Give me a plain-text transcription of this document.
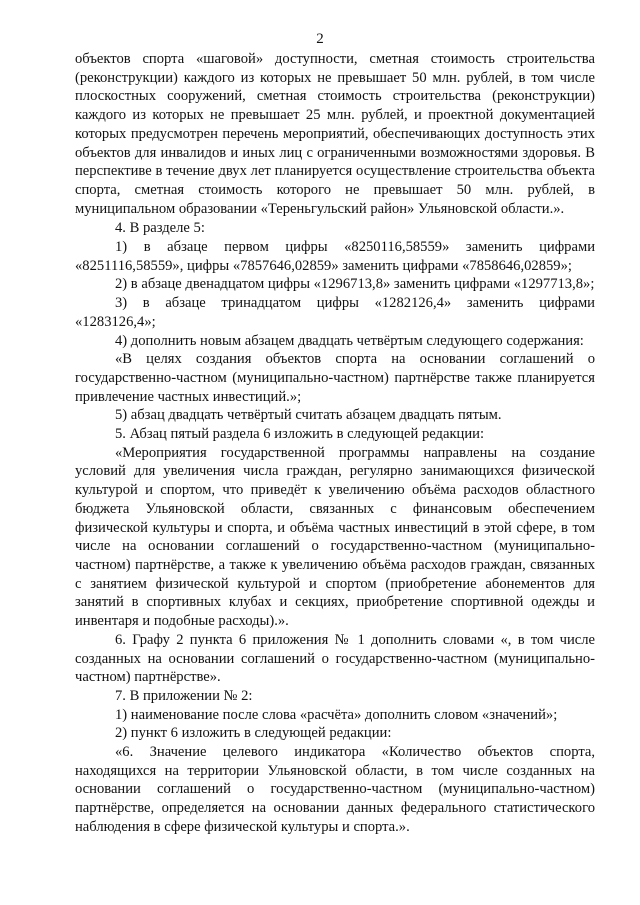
2

объектов спорта «шаговой» доступности, сметная стоимость строительства (реконструкции) каждого из которых не превышает 50 млн. рублей, в том числе плоскостных сооружений, сметная стоимость строительства (реконструкции) каждого из которых не превышает 25 млн. рублей, и проектной документацией которых предусмотрен перечень мероприятий, обеспечивающих доступность этих объектов для инвалидов и иных лиц с ограниченными возможностями здоровья. В перспективе в течение двух лет планируется осуществление строительства объекта спорта, сметная стоимость которого не превышает 50 млн. рублей, в муниципальном образовании «Тереньгульский район» Ульяновской области.».

4. В разделе 5:

1) в абзаце первом цифры «8250116,58559» заменить цифрами «8251116,58559», цифры «7857646,02859» заменить цифрами «7858646,02859»;

2) в абзаце двенадцатом цифры «1296713,8» заменить цифрами «1297713,8»;

3) в абзаце тринадцатом цифры «1282126,4» заменить цифрами «1283126,4»;

4) дополнить новым абзацем двадцать четвёртым следующего содержания:

«В целях создания объектов спорта на основании соглашений о государственно-частном (муниципально-частном) партнёрстве также планируется привлечение частных инвестиций.»;

5) абзац двадцать четвёртый считать абзацем двадцать пятым.

5. Абзац пятый раздела 6 изложить в следующей редакции:

«Мероприятия государственной программы направлены на создание условий для увеличения числа граждан, регулярно занимающихся физической культурой и спортом, что приведёт к увеличению объёма расходов областного бюджета Ульяновской области, связанных с финансовым обеспечением физической культуры и спорта, и объёма частных инвестиций в этой сфере, в том числе на основании соглашений о государственно-частном (муниципально-частном) партнёрстве, а также к увеличению объёма расходов граждан, связанных с занятием физической культурой и спортом (приобретение абонементов для занятий в спортивных клубах и секциях, приобретение спортивной одежды и инвентаря и подобные расходы).».

6. Графу 2 пункта 6 приложения № 1 дополнить словами «, в том числе созданных на основании соглашений о государственно-частном (муниципально-частном) партнёрстве».

7. В приложении № 2:

1) наименование после слова «расчёта» дополнить словом «значений»;

2) пункт 6 изложить в следующей редакции:

«6. Значение целевого индикатора «Количество объектов спорта, находящихся на территории Ульяновской области, в том числе созданных на основании соглашений о государственно-частном (муниципально-частном) партнёрстве, определяется на основании данных федерального статистического наблюдения в сфере физической культуры и спорта.».
